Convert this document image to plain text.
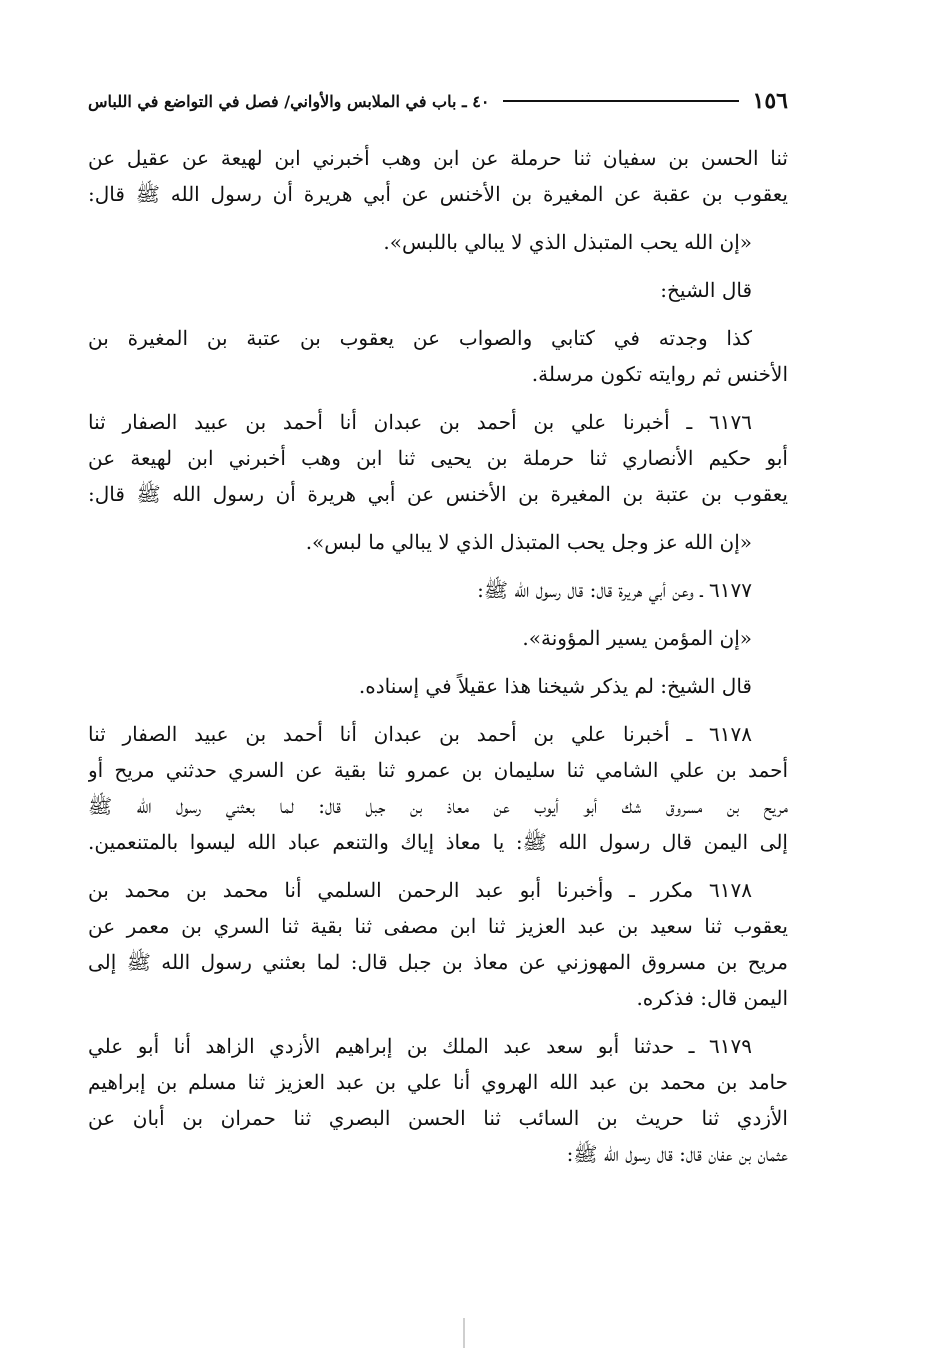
١٥٦
٤٠ ـ باب في الملابس والأواني/ فصل في التواضع في اللباس
ثنا الحسن بن سفيان ثنا حرملة عن ابن وهب أخبرني ابن لهيعة عن عقيل عن
يعقوب بن عقبة عن المغيرة بن الأخنس عن أبي هريرة أن رسول الله ﷺ قال:
«إن الله يحب المتبذل الذي لا يبالي باللبس».
قال الشيخ:
كذا وجدته في كتابي والصواب عن يعقوب بن عتبة بن المغيرة بن
الأخنس ثم روايته تكون مرسلة.
٦١٧٦ ـ أخبرنا علي بن أحمد بن عبدان أنا أحمد بن عبيد الصفار ثنا
أبو حكيم الأنصاري ثنا حرملة بن يحيى ثنا ابن وهب أخبرني ابن لهيعة عن
يعقوب بن عتبة بن المغيرة بن الأخنس عن أبي هريرة أن رسول الله ﷺ قال:
«إن الله عز وجل يحب المتبذل الذي لا يبالي ما لبس».
٦١٧٧ ـ وعن أبي هريرة قال: قال رسول الله ﷺ:
«إن المؤمن يسير المؤونة».
قال الشيخ: لم يذكر شيخنا هذا عقيلاً في إسناده.
٦١٧٨ ـ أخبرنا علي بن أحمد بن عبدان أنا أحمد بن عبيد الصفار ثنا
أحمد بن علي الشامي ثنا سليمان بن عمرو ثنا بقية عن السري حدثني مريح أو
مريح بن مسروق شك أبو أيوب عن معاذ بن جبل قال: لما بعثني رسول الله ﷺ
إلى اليمن قال رسول الله ﷺ: يا معاذ إياك والتنعم عباد الله ليسوا بالمتنعمين.
٦١٧٨ مكرر ـ وأخبرنا أبو عبد الرحمن السلمي أنا محمد بن محمد بن
يعقوب ثنا سعيد بن عبد العزيز ثنا ابن مصفى ثنا بقية ثنا السري بن معمر عن
مريح بن مسروق المهوزني عن معاذ بن جبل قال: لما بعثني رسول الله ﷺ إلى
اليمن قال: فذكره.
٦١٧٩ ـ حدثنا أبو سعد عبد الملك بن إبراهيم الأزدي الزاهد أنا أبو علي
حامد بن محمد بن عبد الله الهروي أنا علي بن عبد العزيز ثنا مسلم بن إبراهيم
الأزدي ثنا حريث بن السائب ثنا الحسن البصري ثنا حمران بن أبان عن
عثمان بن عفان قال: قال رسول الله ﷺ:
